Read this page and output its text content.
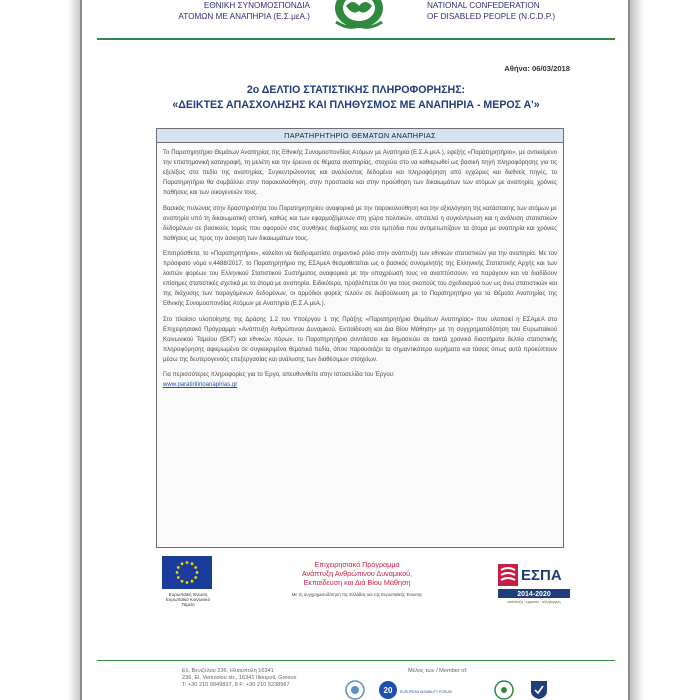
ΕΘΝΙΚΗ ΣΥΝΟΜΟΣΠΟΝΔΙΑ
ΑΤΟΜΩΝ ΜΕ ΑΝΑΠΗΡΙΑ (Ε.Σ.μεΑ.)
NATIONAL CONFEDERATION
OF DISABLED PEOPLE (N.C.D.P.)
Αθήνα: 06/03/2018
2ο ΔΕΛΤΙΟ ΣΤΑΤΙΣΤΙΚΗΣ ΠΛΗΡΟΦΟΡΗΣΗΣ:
«ΔΕΙΚΤΕΣ ΑΠΑΣΧΟΛΗΣΗΣ ΚΑΙ ΠΛΗΘΥΣΜΟΣ ΜΕ ΑΝΑΠΗΡΙΑ - ΜΕΡΟΣ Α'»
ΠΑΡΑΤΗΡΗΤΗΡΙΟ ΘΕΜΑΤΩΝ ΑΝΑΠΗΡΙΑΣ

Το Παρατηρητήριο Θεμάτων Αναπηρίας της Εθνικής Συνομοσπονδίας Ατόμων με Αναπηρία (Ε.Σ.Α.μεΑ.), εφεξής «Παρατηρητήριο», με αντικείμενο την επιστημονική καταγραφή, τη μελέτη και την έρευνα σε θέματα αναπηρίας, στοχεύει στο να καθιερωθεί ως βασική πηγή πληροφόρησης για τις εξελίξεις στο πεδίο της αναπηρίας. Συγκεντρώνοντας και αναλύοντας δεδομένα και πληροφόρηση από εγχώριες και διεθνείς πηγές, το Παρατηρητήριο θα συμβάλλει στην παρακολούθηση, στην προστασία και στην προώθηση των δικαιωμάτων των ατόμων με αναπηρία, χρόνιες παθήσεις και των οικογενειών τους.

Βασικός πυλώνας στην δραστηριότητα του Παρατηρητηρίου αναφορικά με την παρακολούθηση και την αξιολόγηση της κατάστασης των ατόμων με αναπηρία υπό τη δικαιωματική οπτική, καθώς και των εφαρμοζόμενων στη χώρα πολιτικών, αποτελεί η συγκέντρωση και η ανάλυση στατιστικών δεδομένων σε βασικούς τομείς που αφορούν στις συνθήκες διαβίωσης και στα εμπόδια που αντιμετωπίζουν τα άτομα με αναπηρία και χρόνιες παθήσεις ως προς την άσκηση των δικαιωμάτων τους.

Επιπρόσθετα, το «Παρατηρητήριο», καλείται να διαδραματίσει σημαντικό ρόλο στην ανάπτυξη των εθνικών στατιστικών για την αναπηρία. Με τον πρόσφατο νόμο ν.4488/2017, το Παρατηρητήριο της ΕΣΑμεΑ θεσμοθετείται ως ο βασικός συνομιλητής της Ελληνικής Στατιστικής Αρχής και των λοιπών φορέων του Ελληνικού Στατιστικού Συστήματος αναφορικά με την υποχρέωσή τους να αναπτύσσουν, να παράγουν και να διαδίδουν επίσημες στατιστικές σχετικά με τα άτομα με αναπηρία. Ειδικότερα, προβλέπεται ότι για τους σκοπούς του σχεδιασμού των ως άνω στατιστικών και της διάχυσης των παραγόμενων δεδομένων, οι αρμόδιοι φορείς τελούν σε διαβούλευση με το Παρατηρητήριο για τα Θέματα Αναπηρίας της Εθνικής Συνομοσπονδίας Ατόμων με Αναπηρία (Ε.Σ.Α.μεΑ.).

Στο πλαίσιο υλοποίησης της Δράσης 1.2 του Υποέργου 1 της Πράξης «Παρατηρητήριο Θεμάτων Αναπηρίας» που υλοποιεί η ΕΣΑμεΑ στο Επιχειρησιακό Πρόγραμμα «Ανάπτυξη Ανθρώπινου Δυναμικού, Εκπαίδευση και Δια Βίου Μάθηση» με τη συγχρηματοδότηση του Ευρωπαϊκού Κοινωνικού Ταμείου (ΕΚΤ) και εθνικών πόρων, το Παρατηρητήριο συντάσσει και δημοσιεύει σε τακτά χρονικά διαστήματα δελτία στατιστικής πληροφόρησης αφιερωμένα σε συγκεκριμένα θεματικά πεδία, όπου παρουσιάζει τα σημαντικότερα ευρήματα και τάσεις όπως αυτά προκύπτουν μέσω της δευτερογενούς επεξεργασίας και ανάλυσης των διαθέσιμων στοιχείων.

Για περισσότερες πληροφορίες για το Έργο, απευθυνθείτε στην Ιστοσελίδα του Έργου:
www.paratiritirioanapirias.gr

Ευρωπαϊκή Ένωση
Ευρωπαϊκό Κοινωνικό Ταμείο
Επιχειρησιακό Πρόγραμμα
Ανάπτυξη Ανθρώπινου Δυναμικού,
Εκπαίδευση και Διά Βίου Μάθηση
Με τη συγχρηματοδότηση της Ελλάδας και της Ευρωπαϊκής Ένωσης
ΕΣΠΑ
2014-2020
ανάπτυξη · εργασία · αλληλεγγύη
Ελ. Βενιζέλου 236, Ηλιούπολη 16341
236, El. Venizelou str., 16341 Ilioupoli, Greece
T: +30 210 9949837, 8 F: +30 210 5238967
Μέλος των / Member of:
20 EUROPEAN DISABILITY FORUM
